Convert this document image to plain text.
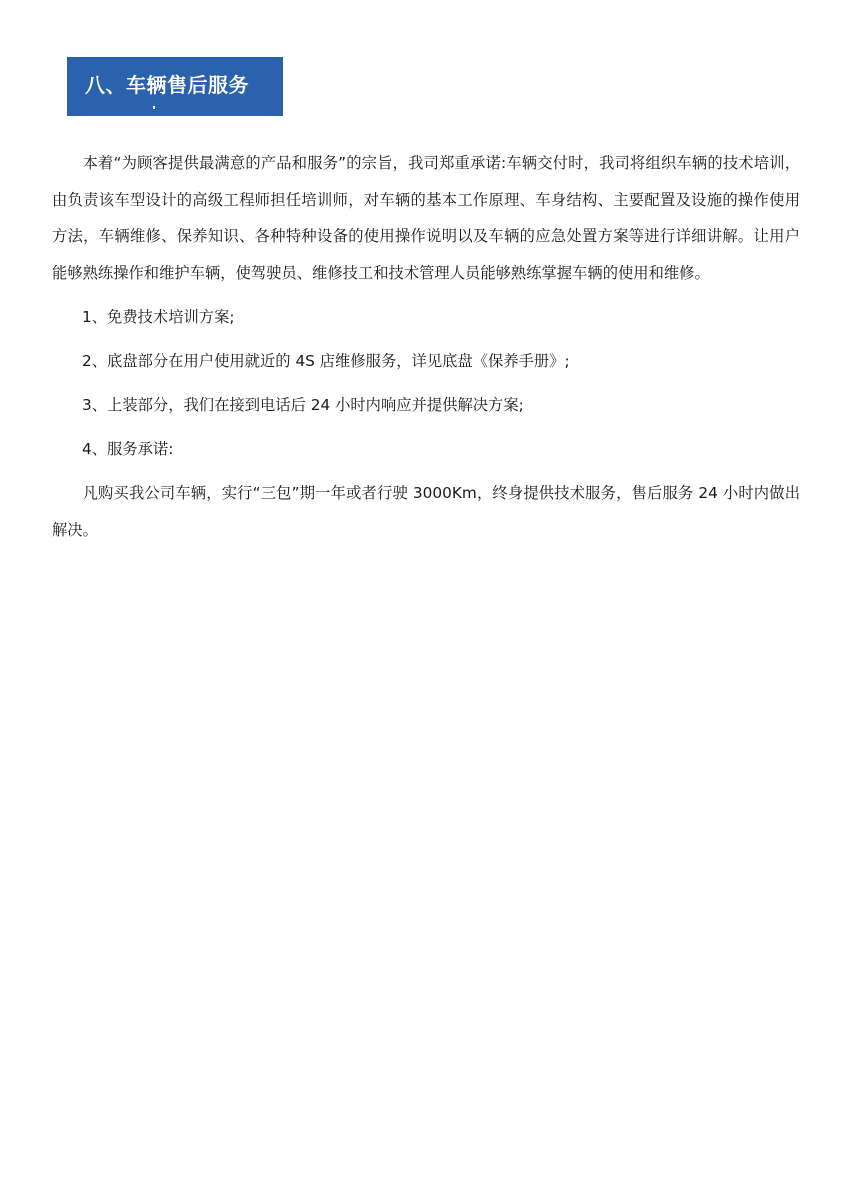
八、车辆售后服务

本着“为顾客提供最满意的产品和服务”的宗旨，我司郑重承诺:车辆交付时，我司将组织车辆的技术培训，由负责该车型设计的高级工程师担任培训师，对车辆的基本工作原理、车身结构、主要配置及设施的操作使用方法，车辆维修、保养知识、各种特种设备的使用操作说明以及车辆的应急处置方案等进行详细讲解。让用户能够熟练操作和维护车辆，使驾驶员、维修技工和技术管理人员能够熟练掌握车辆的使用和维修。

1、免费技术培训方案;
2、底盘部分在用户使用就近的 4S 店维修服务，详见底盘《保养手册》;
3、上装部分，我们在接到电话后 24 小时内响应并提供解决方案;
4、服务承诺:

凡购买我公司车辆，实行“三包”期一年或者行驶 3000Km，终身提供技术服务，售后服务 24 小时内做出解决。
